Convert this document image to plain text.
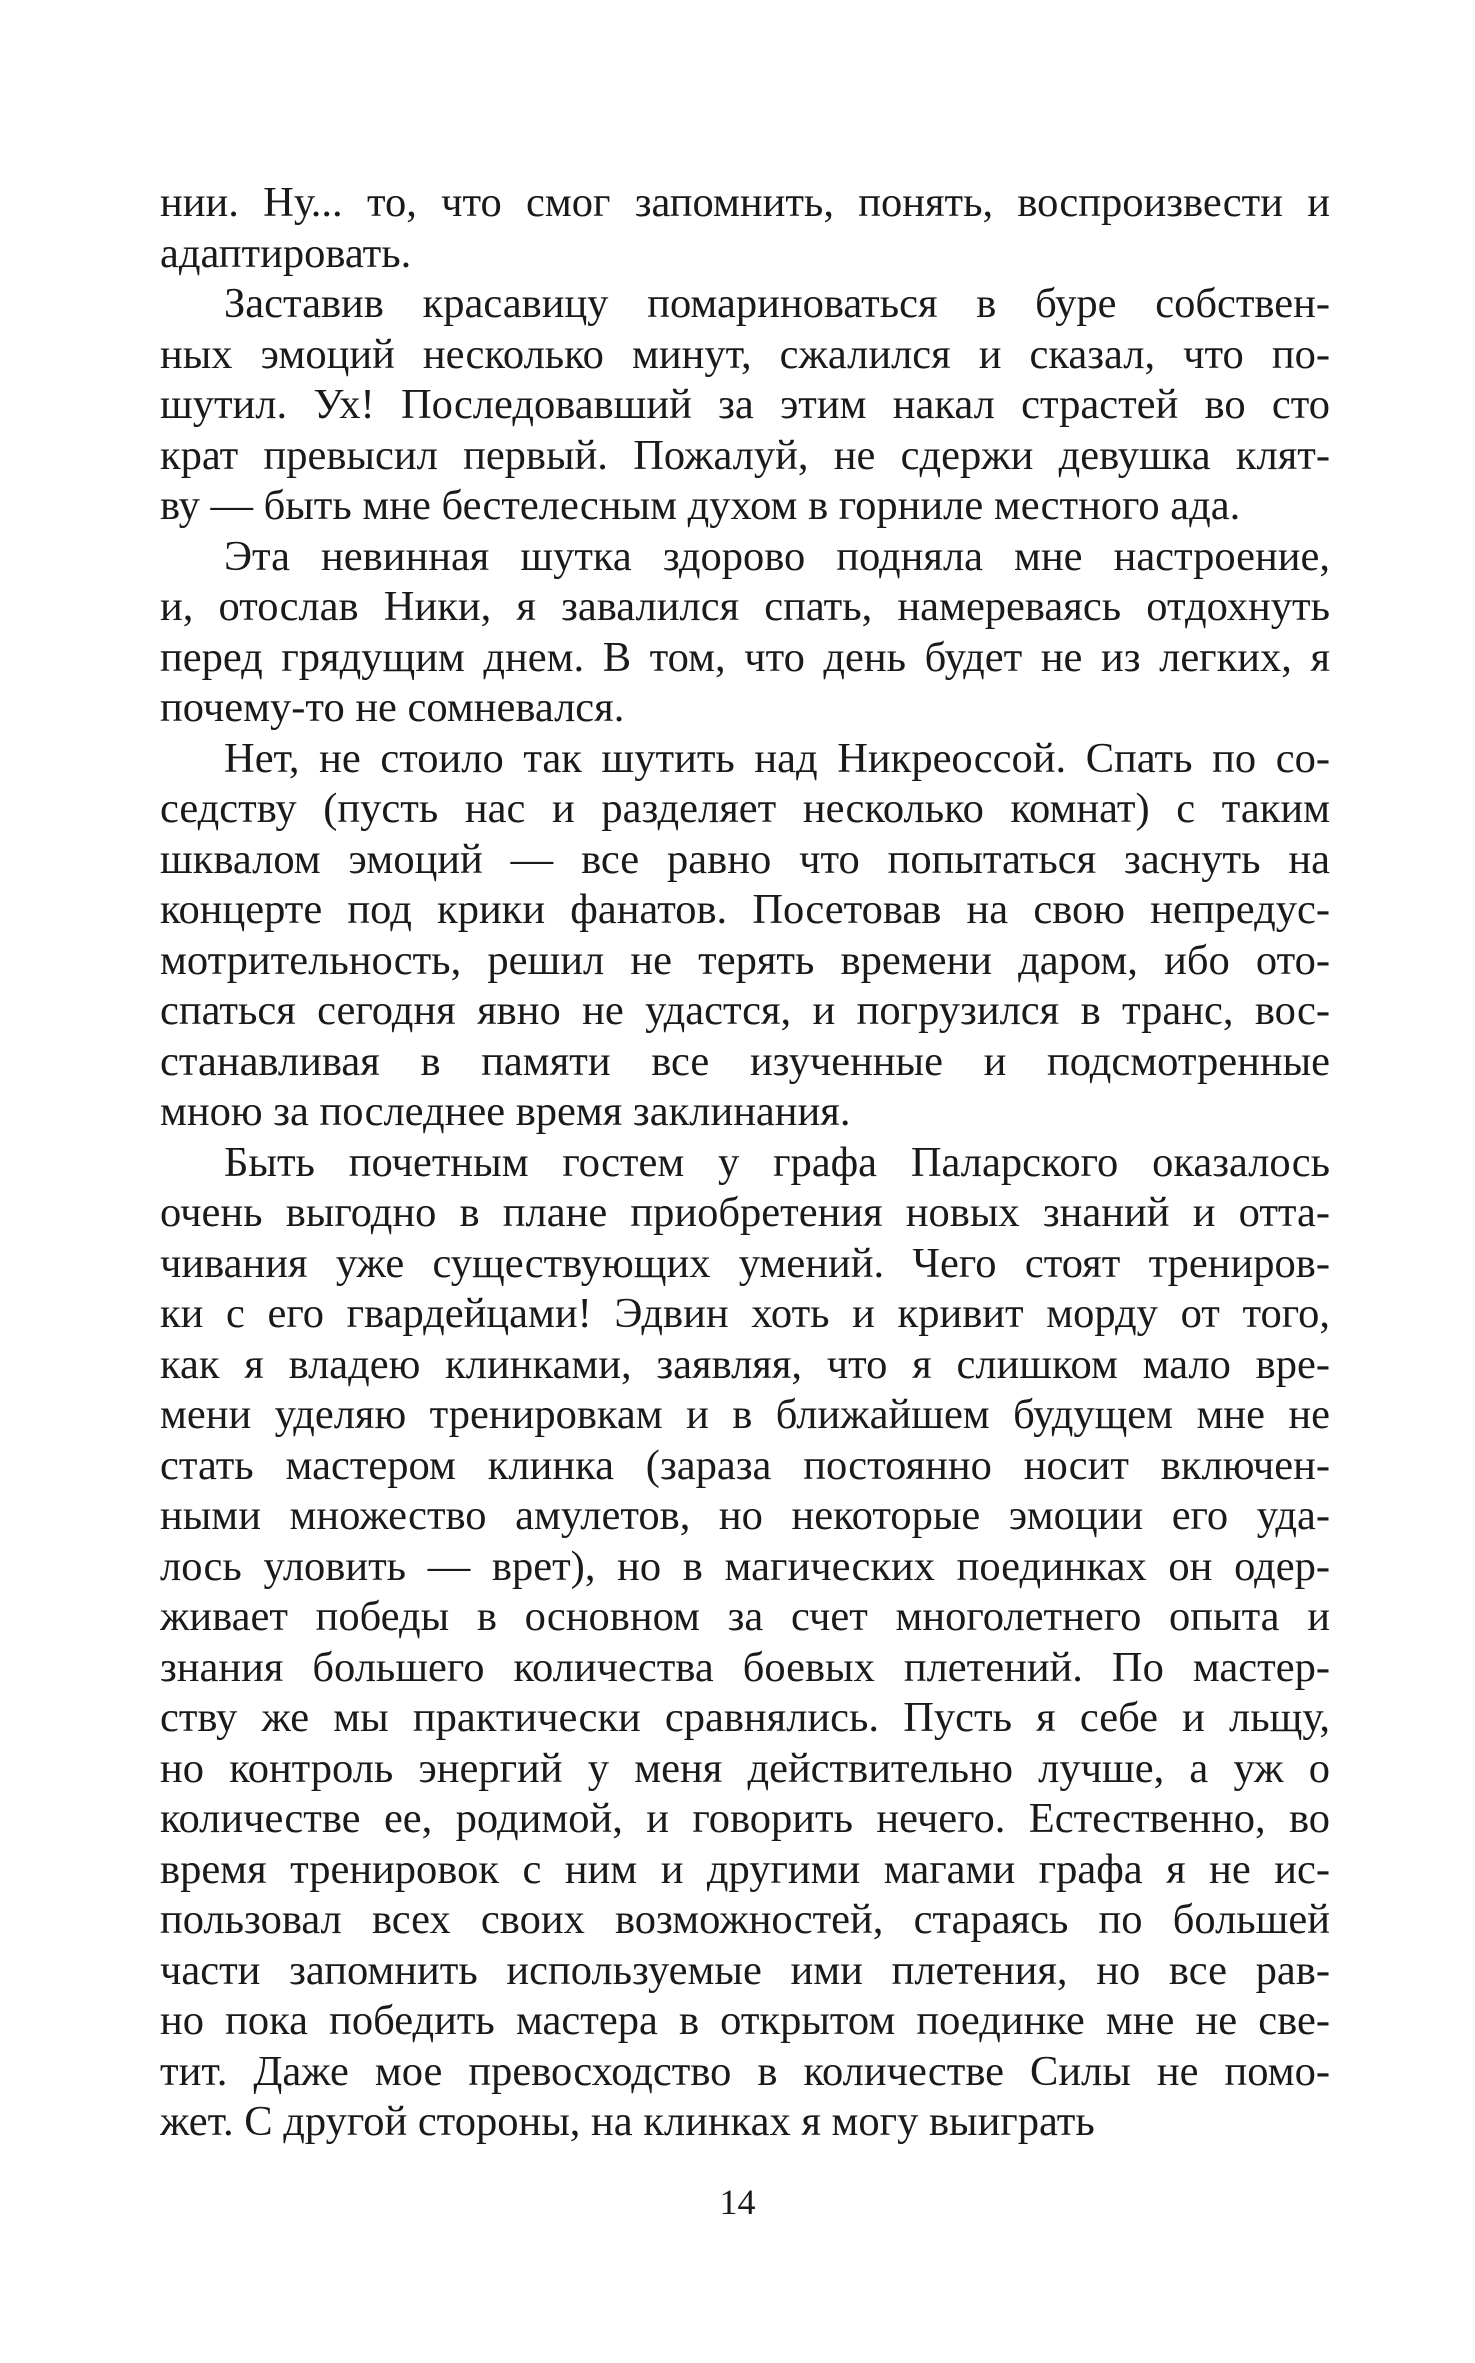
нии. Ну... то, что смог запомнить, понять, воспроизвести и
адаптировать.
Заставив красавицу помариноваться в буре собствен-
ных эмоций несколько минут, сжалился и сказал, что по-
шутил. Ух! Последовавший за этим накал страстей во сто
крат превысил первый. Пожалуй, не сдержи девушка клят-
ву — быть мне бестелесным духом в горниле местного ада.
Эта невинная шутка здорово подняла мне настроение,
и, отослав Ники, я завалился спать, намереваясь отдохнуть
перед грядущим днем. В том, что день будет не из легких, я
почему-то не сомневался.
Нет, не стоило так шутить над Никреоссой. Спать по со-
седству (пусть нас и разделяет несколько комнат) с таким
шквалом эмоций — все равно что попытаться заснуть на
концерте под крики фанатов. Посетовав на свою непредус-
мотрительность, решил не терять времени даром, ибо ото-
спаться сегодня явно не удастся, и погрузился в транс, вос-
станавливая в памяти все изученные и подсмотренные
мною за последнее время заклинания.
Быть почетным гостем у графа Паларского оказалось
очень выгодно в плане приобретения новых знаний и отта-
чивания уже существующих умений. Чего стоят трениров-
ки с его гвардейцами! Эдвин хоть и кривит морду от того,
как я владею клинками, заявляя, что я слишком мало вре-
мени уделяю тренировкам и в ближайшем будущем мне не
стать мастером клинка (зараза постоянно носит включен-
ными множество амулетов, но некоторые эмоции его уда-
лось уловить — врет), но в магических поединках он одер-
живает победы в основном за счет многолетнего опыта и
знания большего количества боевых плетений. По мастер-
ству же мы практически сравнялись. Пусть я себе и льщу,
но контроль энергий у меня действительно лучше, а уж о
количестве ее, родимой, и говорить нечего. Естественно, во
время тренировок с ним и другими магами графа я не ис-
пользовал всех своих возможностей, стараясь по большей
части запомнить используемые ими плетения, но все рав-
но пока победить мастера в открытом поединке мне не све-
тит. Даже мое превосходство в количестве Силы не помо-
жет. С другой стороны, на клинках я могу выиграть
14
